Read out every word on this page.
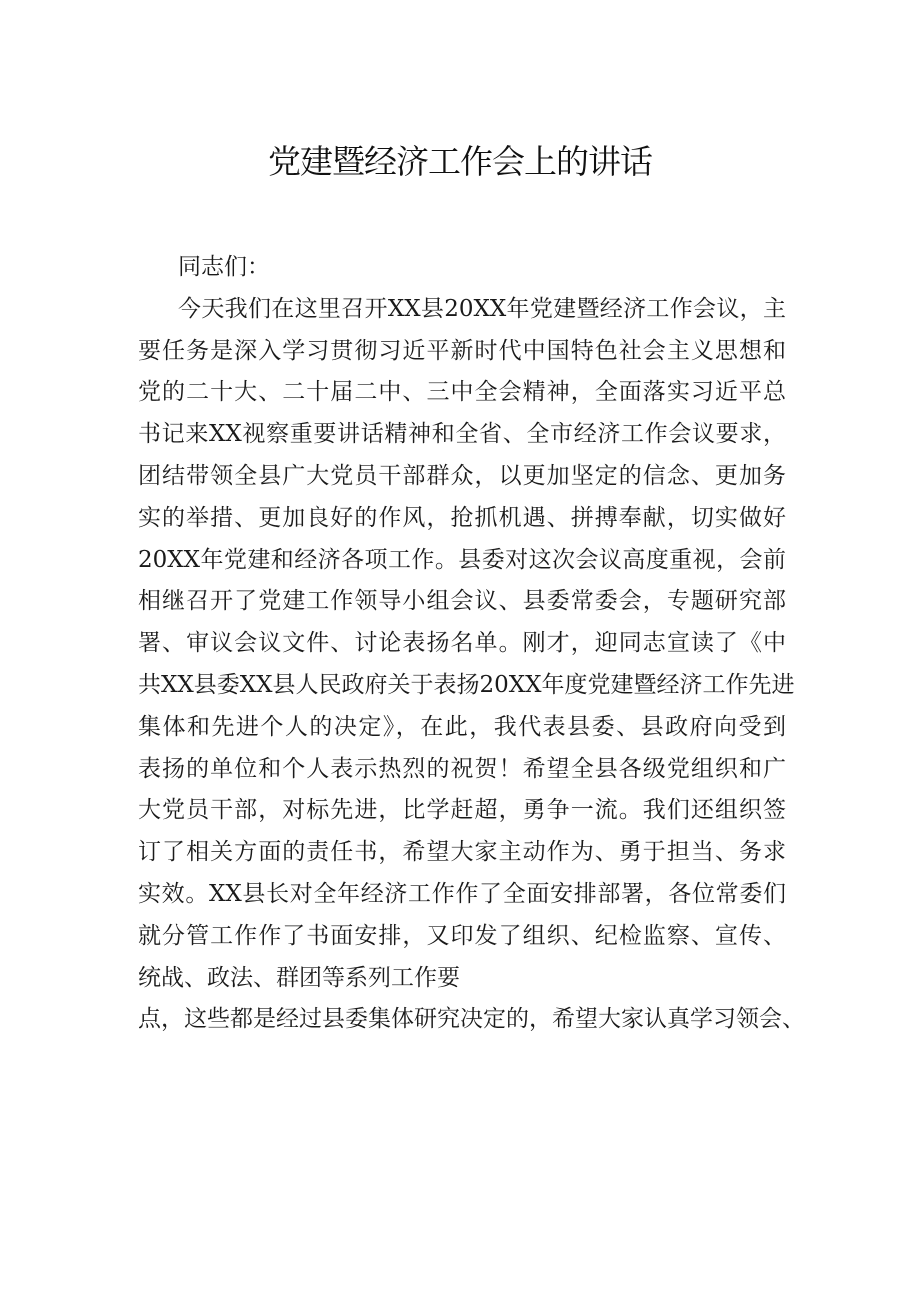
党建暨经济工作会上的讲话
同志们：
今天我们在这里召开XX县20XX年党建暨经济工作会议，主
要任务是深入学习贯彻习近平新时代中国特色社会主义思想和
党的二十大、二十届二中、三中全会精神，全面落实习近平总
书记来XX视察重要讲话精神和全省、全市经济工作会议要求，
团结带领全县广大党员干部群众，以更加坚定的信念、更加务
实的举措、更加良好的作风，抢抓机遇、拼搏奉献，切实做好
20XX年党建和经济各项工作。县委对这次会议高度重视，会前
相继召开了党建工作领导小组会议、县委常委会，专题研究部
署、审议会议文件、讨论表扬名单。刚才，迎同志宣读了《中
共XX县委XX县人民政府关于表扬20XX年度党建暨经济工作先进
集体和先进个人的决定》，在此，我代表县委、县政府向受到
表扬的单位和个人表示热烈的祝贺！希望全县各级党组织和广
大党员干部，对标先进，比学赶超，勇争一流。我们还组织签
订了相关方面的责任书，希望大家主动作为、勇于担当、务求
实效。XX县长对全年经济工作作了全面安排部署，各位常委们
就分管工作作了书面安排，又印发了组织、纪检监察、宣传、
统战、政法、群团等系列工作要
点，这些都是经过县委集体研究决定的，希望大家认真学习领会、
